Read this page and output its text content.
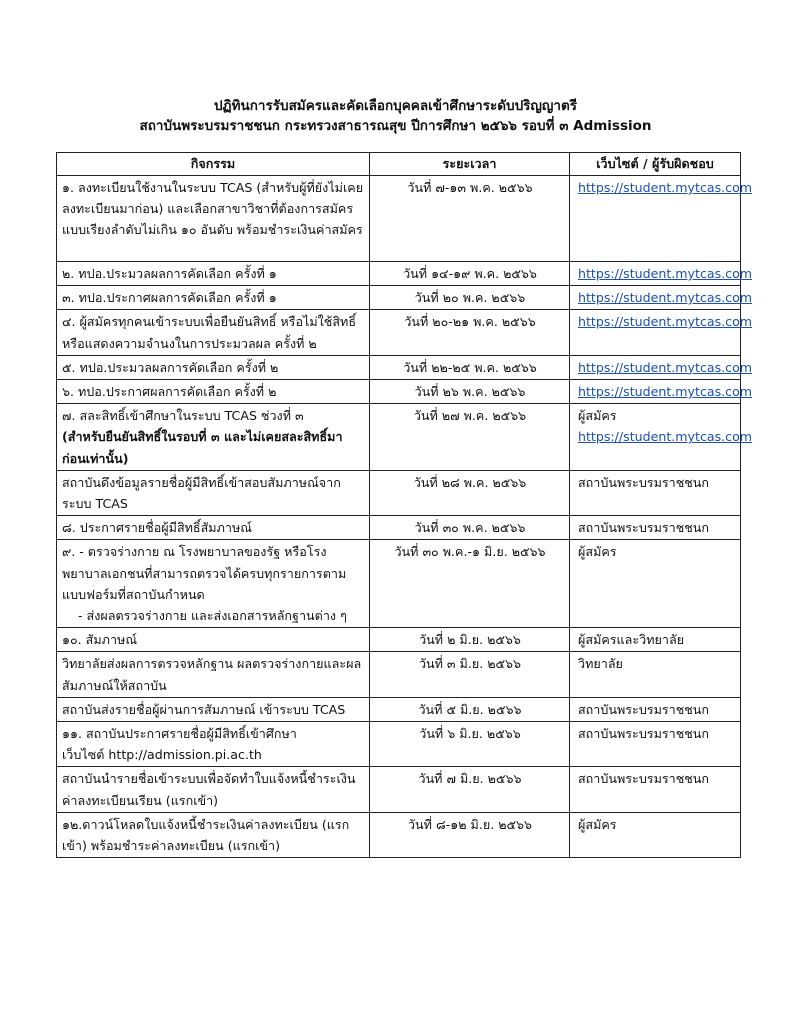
ปฏิทินการรับสมัครและคัดเลือกบุคคลเข้าศึกษาระดับปริญญาตรี
สถาบันพระบรมราชชนก กระทรวงสาธารณสุข ปีการศึกษา ๒๕๖๖ รอบที่ ๓ Admission
กิจกรรม	ระยะเวลา	เว็บไซต์ / ผู้รับผิดชอบ
๑. ลงทะเบียนใช้งานในระบบ TCAS (สำหรับผู้ที่ยังไม่เคยลงทะเบียนมาก่อน) และเลือกสาขาวิชาที่ต้องการสมัครแบบเรียงลำดับไม่เกิน ๑๐ อันดับ พร้อมชำระเงินค่าสมัคร	วันที่ ๗-๑๓ พ.ค. ๒๕๖๖	https://student.mytcas.com
๒. ทปอ.ประมวลผลการคัดเลือก ครั้งที่ ๑	วันที่ ๑๔-๑๙ พ.ค. ๒๕๖๖	https://student.mytcas.com
๓. ทปอ.ประกาศผลการคัดเลือก ครั้งที่ ๑	วันที่ ๒๐ พ.ค. ๒๕๖๖	https://student.mytcas.com
๔. ผู้สมัครทุกคนเข้าระบบเพื่อยืนยันสิทธิ์ หรือไม่ใช้สิทธิ์หรือแสดงความจำนงในการประมวลผล ครั้งที่ ๒	วันที่ ๒๐-๒๑ พ.ค. ๒๕๖๖	https://student.mytcas.com
๕. ทปอ.ประมวลผลการคัดเลือก ครั้งที่ ๒	วันที่ ๒๒-๒๕ พ.ค. ๒๕๖๖	https://student.mytcas.com
๖. ทปอ.ประกาศผลการคัดเลือก ครั้งที่ ๒	วันที่ ๒๖ พ.ค. ๒๕๖๖	https://student.mytcas.com
๗. สละสิทธิ์เข้าศึกษาในระบบ TCAS ช่วงที่ ๓
(สำหรับยืนยันสิทธิ์ในรอบที่ ๓ และไม่เคยสละสิทธิ์มาก่อนเท่านั้น)	วันที่ ๒๗ พ.ค. ๒๕๖๖	ผู้สมัคร
https://student.mytcas.com
สถาบันดึงข้อมูลรายชื่อผู้มีสิทธิ์เข้าสอบสัมภาษณ์จากระบบ TCAS	วันที่ ๒๘ พ.ค. ๒๕๖๖	สถาบันพระบรมราชชนก
๘. ประกาศรายชื่อผู้มีสิทธิ์สัมภาษณ์	วันที่ ๓๐ พ.ค. ๒๕๖๖	สถาบันพระบรมราชชนก
๙. - ตรวจร่างกาย ณ โรงพยาบาลของรัฐ หรือโรงพยาบาลเอกชนที่สามารถตรวจได้ครบทุกรายการตามแบบฟอร์มที่สถาบันกำหนด
- ส่งผลตรวจร่างกาย และส่งเอกสารหลักฐานต่าง ๆ	วันที่ ๓๐ พ.ค.-๑ มิ.ย. ๒๕๖๖	ผู้สมัคร
๑๐. สัมภาษณ์	วันที่ ๒ มิ.ย. ๒๕๖๖	ผู้สมัครและวิทยาลัย
วิทยาลัยส่งผลการตรวจหลักฐาน ผลตรวจร่างกายและผลสัมภาษณ์ให้สถาบัน	วันที่ ๓ มิ.ย. ๒๕๖๖	วิทยาลัย
สถาบันส่งรายชื่อผู้ผ่านการสัมภาษณ์ เข้าระบบ TCAS	วันที่ ๕ มิ.ย. ๒๕๖๖	สถาบันพระบรมราชชนก
๑๑. สถาบันประกาศรายชื่อผู้มีสิทธิ์เข้าศึกษา
เว็บไซต์ http://admission.pi.ac.th	วันที่ ๖ มิ.ย. ๒๕๖๖	สถาบันพระบรมราชชนก
สถาบันนำรายชื่อเข้าระบบเพื่อจัดทำใบแจ้งหนี้ชำระเงินค่าลงทะเบียนเรียน (แรกเข้า)	วันที่ ๗ มิ.ย. ๒๕๖๖	สถาบันพระบรมราชชนก
๑๒.ดาวน์โหลดใบแจ้งหนี้ชำระเงินค่าลงทะเบียน (แรกเข้า) พร้อมชำระค่าลงทะเบียน (แรกเข้า)	วันที่ ๘-๑๒ มิ.ย. ๒๕๖๖	ผู้สมัคร
